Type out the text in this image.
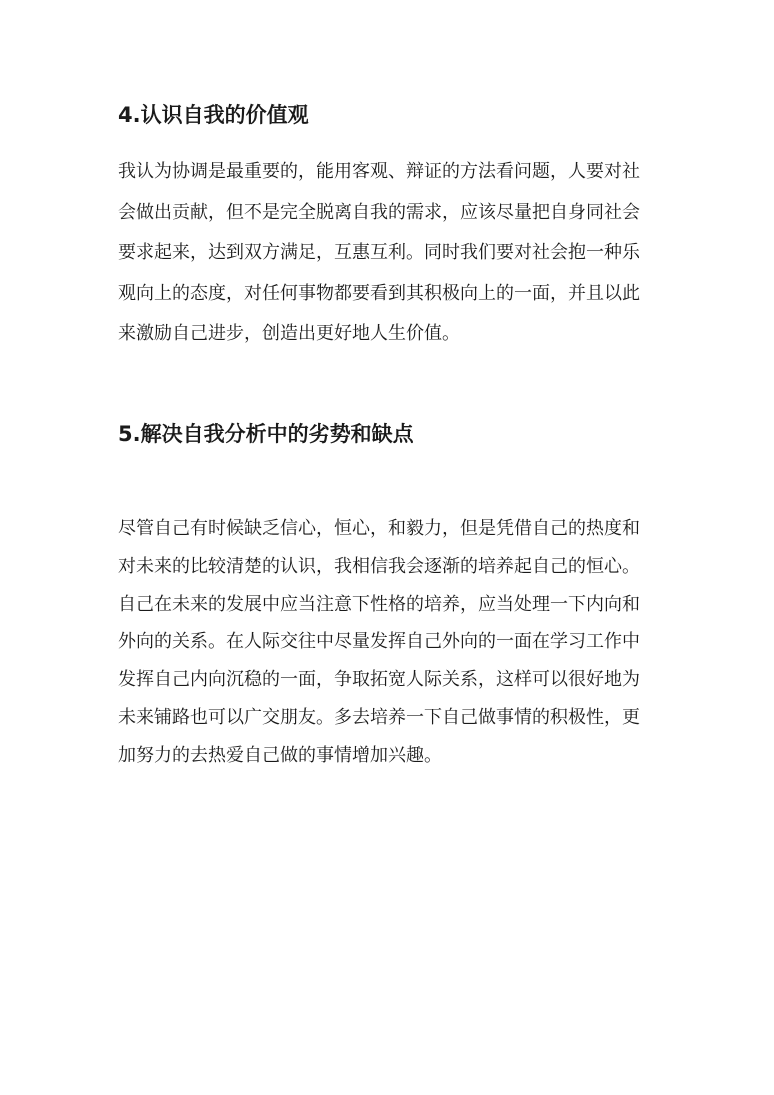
4.认识自我的价值观

我认为协调是最重要的，能用客观、辩证的方法看问题，人要对社
会做出贡献，但不是完全脱离自我的需求，应该尽量把自身同社会
要求起来，达到双方满足，互惠互利。同时我们要对社会抱一种乐
观向上的态度，对任何事物都要看到其积极向上的一面，并且以此
来激励自己进步，创造出更好地人生价值。

5.解决自我分析中的劣势和缺点

尽管自己有时候缺乏信心，恒心，和毅力，但是凭借自己的热度和
对未来的比较清楚的认识，我相信我会逐渐的培养起自己的恒心。
自己在未来的发展中应当注意下性格的培养，应当处理一下内向和
外向的关系。在人际交往中尽量发挥自己外向的一面在学习工作中
发挥自己内向沉稳的一面，争取拓宽人际关系，这样可以很好地为
未来铺路也可以广交朋友。多去培养一下自己做事情的积极性，更
加努力的去热爱自己做的事情增加兴趣。
